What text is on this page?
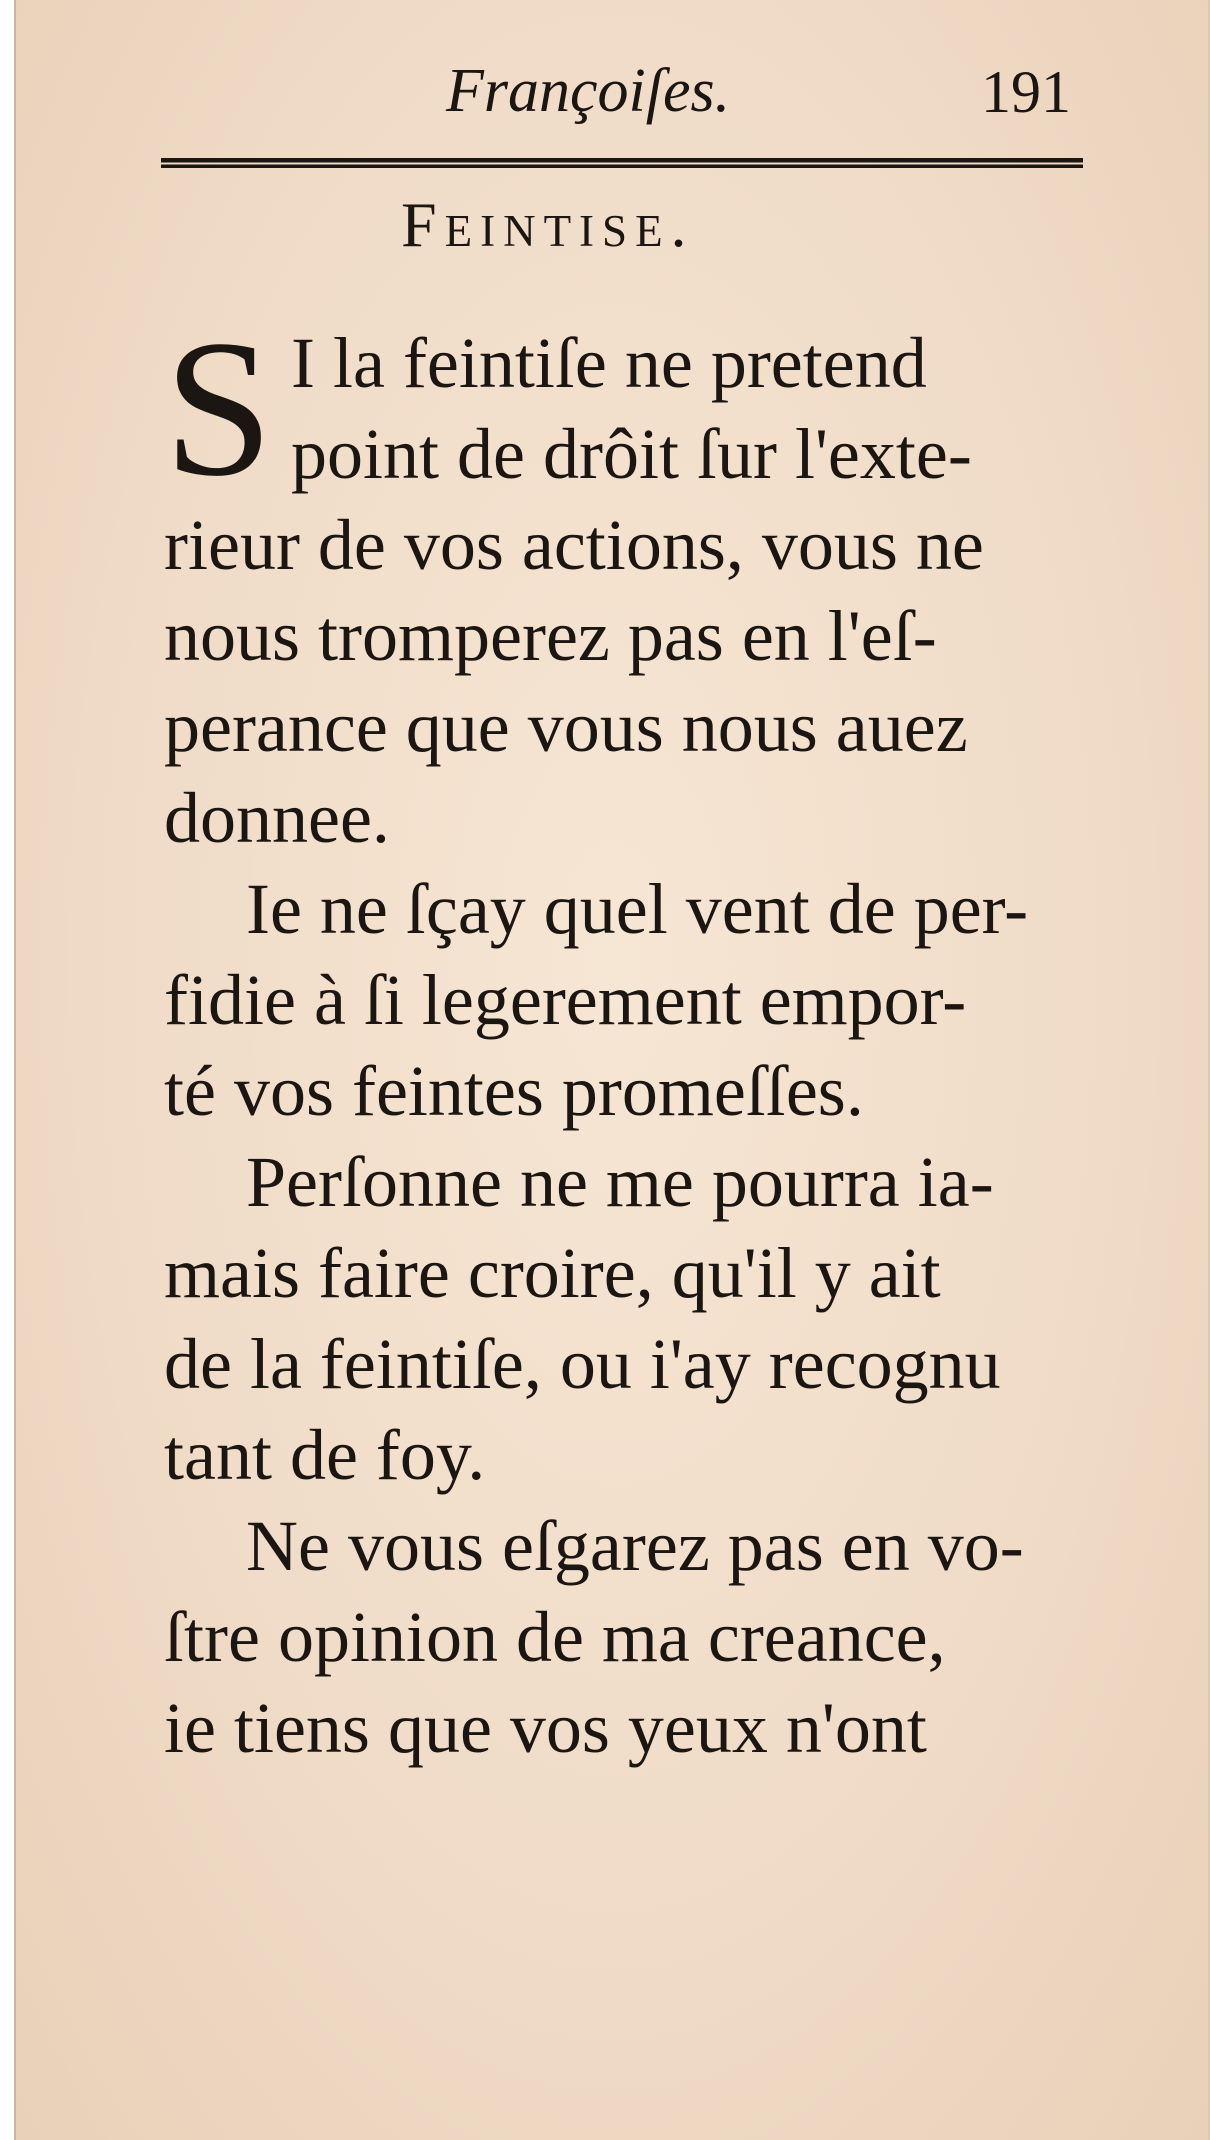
Françoiſes.	191
Feintiſe.
S I la feintiſe ne pretend
point de drôit ſur l'exte-
rieur de vos actions, vous ne
nous tromperez pas en l'eſ-
perance que vous nous auez
donnee.
Ie ne ſçay quel vent de per-
fidie à ſi legerement empor-
té vos feintes promeſſes.
Perſonne ne me pourra ia-
mais faire croire, qu'il y ait
de la feintiſe, ou i'ay recognu
tant de foy.
Ne vous eſgarez pas en vo-
ſtre opinion de ma creance,
ie tiens que vos yeux n'ont
